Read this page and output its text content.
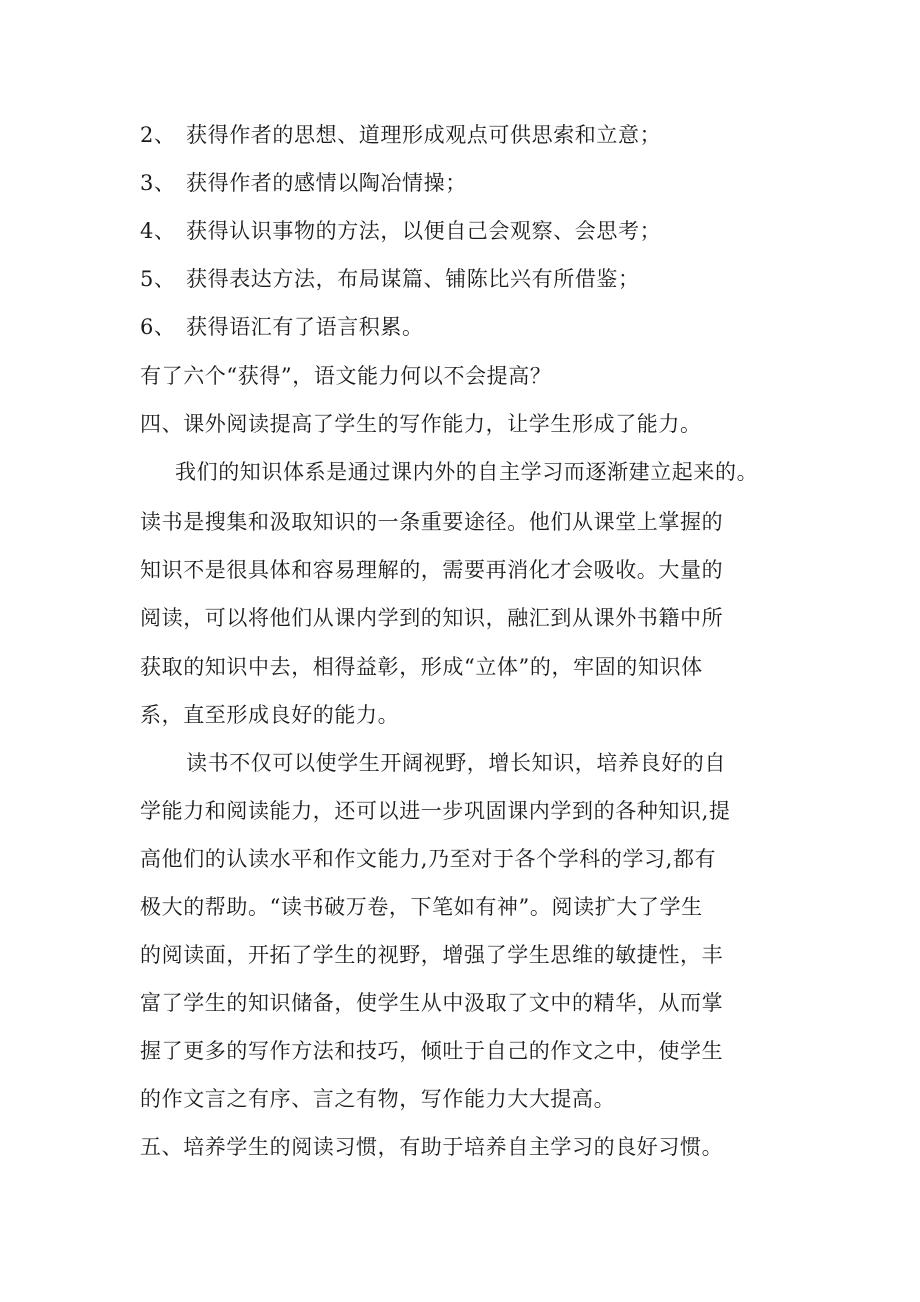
2、 获得作者的思想、道理形成观点可供思索和立意；
3、 获得作者的感情以陶冶情操；
4、 获得认识事物的方法，以便自己会观察、会思考；
5、 获得表达方法，布局谋篇、铺陈比兴有所借鉴；
6、 获得语汇有了语言积累。
有了六个“获得”，语文能力何以不会提高？
四、课外阅读提高了学生的写作能力，让学生形成了能力。
我们的知识体系是通过课内外的自主学习而逐渐建立起来的。
读书是搜集和汲取知识的一条重要途径。他们从课堂上掌握的
知识不是很具体和容易理解的，需要再消化才会吸收。大量的
阅读，可以将他们从课内学到的知识，融汇到从课外书籍中所
获取的知识中去，相得益彰，形成“立体”的，牢固的知识体
系，直至形成良好的能力。
读书不仅可以使学生开阔视野，增长知识，培养良好的自
学能力和阅读能力，还可以进一步巩固课内学到的各种知识,提
高他们的认读水平和作文能力,乃至对于各个学科的学习,都有
极大的帮助。“读书破万卷，下笔如有神”。阅读扩大了学生
的阅读面，开拓了学生的视野，增强了学生思维的敏捷性，丰
富了学生的知识储备，使学生从中汲取了文中的精华，从而掌
握了更多的写作方法和技巧，倾吐于自己的作文之中，使学生
的作文言之有序、言之有物，写作能力大大提高。
五、培养学生的阅读习惯，有助于培养自主学习的良好习惯。
